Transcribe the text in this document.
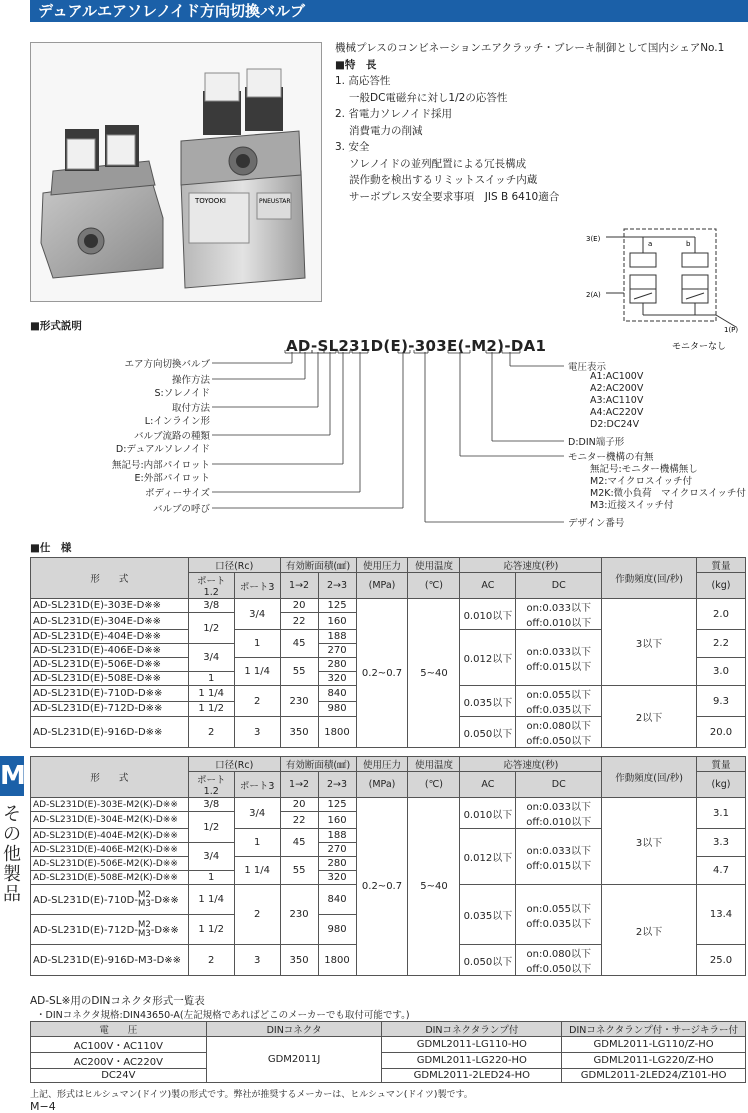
デュアルエアソレノイド方向切換バルブ
TOYOOKI	PNEUSTAR
機械プレスのコンビネーションエアクラッチ・ブレーキ制御として国内シェアNo.1
■特　長
1. 高応答性
一般DC電磁弁に対し1/2の応答性
2. 省電力ソレノイド採用
消費電力の削減
3. 安全
ソレノイドの並列配置による冗長構成
誤作動を検出するリミットスイッチ内蔵
サーボプレス安全要求事項　JIS B 6410適合
3(E)
2(A)
1(P)
モニターなし
a	b
■形式説明
AD-SL231D(E)-303E(-M2)-DA1
エア方向切換バルブ
操作方法
S:ソレノイド
取付方法
L:インライン形
バルブ流路の種類
D:デュアルソレノイド
無記号:内部パイロット
E:外部パイロット
ボディーサイズ
バルブの呼び
電圧表示
A1:AC100V
A2:AC200V
A3:AC110V
A4:AC220V
D2:DC24V
D:DIN端子形
モニター機構の有無
無記号:モニター機構無し
M2:マイクロスイッチ付
M2K:微小負荷　マイクロスイッチ付
M3:近接スイッチ付
デザイン番号
■仕　様
M
そ
の
他
製
品
形　　式	口径(Rc)		有効断面積(㎟)		使用圧力	使用温度	応答速度(秒)		作動頻度(回/秒)	質量
	ポート1.2	ポート3	1→2	2→3	(MPa)	(℃)	AC	DC		(kg)
AD-SL231D(E)-303E-D※※	3/8	3/4	20	125	0.2~0.7	5~40	0.010以下	on:0.033以下
off:0.010以下	3以下	2.0
AD-SL231D(E)-304E-D※※	1/2		22	160						
AD-SL231D(E)-404E-D※※		1	45	188			0.012以下	on:0.033以下
off:0.015以下		2.2
AD-SL231D(E)-406E-D※※	3/4			270						
AD-SL231D(E)-506E-D※※		1 1/4	55	280						3.0
AD-SL231D(E)-508E-D※※	1			320						
AD-SL231D(E)-710D-D※※	1 1/4	2	230	840			0.035以下	on:0.055以下
off:0.035以下	2以下	9.3
AD-SL231D(E)-712D-D※※	1 1/2			980						
AD-SL231D(E)-916D-D※※	2	3	350	1800			0.050以下	on:0.080以下
off:0.050以下		20.0
形　　式	口径(Rc)		有効断面積(㎟)		使用圧力	使用温度	応答速度(秒)		作動頻度(回/秒)	質量
	ポート1.2	ポート3	1→2	2→3	(MPa)	(℃)	AC	DC		(kg)
AD-SL231D(E)-303E-M2(K)-D※※	3/8	3/4	20	125	0.2~0.7	5~40	0.010以下	on:0.033以下
off:0.010以下	3以下	3.1
AD-SL231D(E)-304E-M2(K)-D※※	1/2		22	160						
AD-SL231D(E)-404E-M2(K)-D※※		1	45	188			0.012以下	on:0.033以下
off:0.015以下		3.3
AD-SL231D(E)-406E-M2(K)-D※※	3/4			270						
AD-SL231D(E)-506E-M2(K)-D※※		1 1/4	55	280						4.7
AD-SL231D(E)-508E-M2(K)-D※※	1			320						
AD-SL231D(E)-710D-M2
M3-D※※	1 1/4	2	230	840			0.035以下	on:0.055以下
off:0.035以下	2以下	13.4
AD-SL231D(E)-712D-M2
M3-D※※	1 1/2			980						
AD-SL231D(E)-916D-M3-D※※	2	3	350	1800			0.050以下	on:0.080以下
off:0.050以下		25.0
AD-SL※用のDINコネクタ形式一覧表
・DINコネクタ規格:DIN43650-A(左記規格であればどこのメーカーでも取付可能です。)
電　　圧	DINコネクタ	DINコネクタランプ付	DINコネクタランプ付・サージキラー付
AC100V・AC110V	GDM2011J	GDML2011-LG110-HO	GDML2011-LG110/Z-HO
AC200V・AC220V		GDML2011-LG220-HO	GDML2011-LG220/Z-HO
DC24V		GDML2011-2LED24-HO	GDML2011-2LED24/Z101-HO
上記、形式はヒルシュマン(ドイツ)製の形式です。弊社が推奨するメーカーは、ヒルシュマン(ドイツ)製です。
M−4
